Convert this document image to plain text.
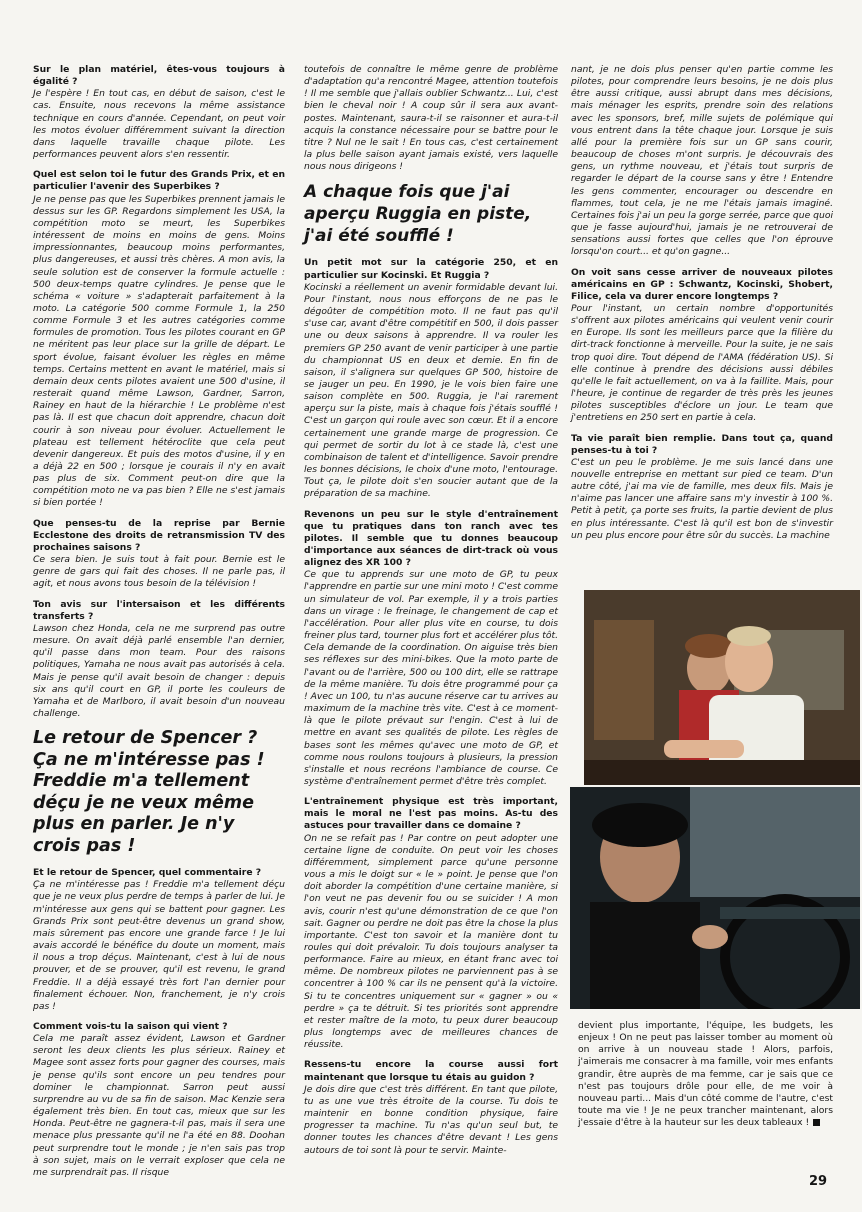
Sur le plan matériel, êtes-vous toujours à égalité ?

Je l'espère ! En tout cas, en début de saison, c'est le cas. Ensuite, nous recevons la même assistance technique en cours d'année. Cependant, on peut voir les motos évoluer différemment suivant la direction dans laquelle travaille chaque pilote. Les performances peuvent alors s'en ressentir.

Quel est selon toi le futur des Grands Prix, et en particulier l'avenir des Superbikes ?

Je ne pense pas que les Superbikes prennent jamais le dessus sur les GP. Regardons simplement les USA, la compétition moto se meurt, les Superbikes intéressent de moins en moins de gens. Moins impressionnantes, beaucoup moins performantes, plus dangereuses, et aussi très chères. A mon avis, la seule solution est de conserver la formule actuelle : 500 deux-temps quatre cylindres. Je pense que le schéma « voiture » s'adapterait parfaitement à la moto. La catégorie 500 comme Formule 1, la 250 comme Formule 3 et les autres catégories comme formules de promotion. Tous les pilotes courant en GP ne méritent pas leur place sur la grille de départ. Le sport évolue, faisant évoluer les règles en même temps. Certains mettent en avant le matériel, mais si demain deux cents pilotes avaient une 500 d'usine, il resterait quand même Lawson, Gardner, Sarron, Rainey en haut de la hiérarchie ! Le problème n'est pas là. Il est que chacun doit apprendre, chacun doit courir à son niveau pour évoluer. Actuellement le plateau est tellement hétéroclite que cela peut devenir dangereux. Et puis des motos d'usine, il y en a déjà 22 en 500 ; lorsque je courais il n'y en avait pas plus de six. Comment peut-on dire que la compétition moto ne va pas bien ? Elle ne s'est jamais si bien portée !

Que penses-tu de la reprise par Bernie Ecclestone des droits de retransmission TV des prochaines saisons ?

Ce sera bien. Je suis tout à fait pour. Bernie est le genre de gars qui fait des choses. Il ne parle pas, il agit, et nous avons tous besoin de la télévision !

Ton avis sur l'intersaison et les différents transferts ?

Lawson chez Honda, cela ne me surprend pas outre mesure. On avait déjà parlé ensemble l'an dernier, qu'il passe dans mon team. Pour des raisons politiques, Yamaha ne nous avait pas autorisés à cela. Mais je pense qu'il avait besoin de changer : depuis six ans qu'il court en GP, il porte les couleurs de Yamaha et de Marlboro, il avait besoin d'un nouveau challenge.

Le retour de Spencer ? Ça ne m'intéresse pas ! Freddie m'a tellement déçu je ne veux même plus en parler. Je n'y crois pas !

Et le retour de Spencer, quel commentaire ?

Ça ne m'intéresse pas ! Freddie m'a tellement déçu que je ne veux plus perdre de temps à parler de lui. Je m'intéresse aux gens qui se battent pour gagner. Les Grands Prix sont peut-être devenus un grand show, mais sûrement pas encore une grande farce ! Je lui avais accordé le bénéfice du doute un moment, mais il nous a trop déçus. Maintenant, c'est à lui de nous prouver, et de se prouver, qu'il est revenu, le grand Freddie. Il a déjà essayé très fort l'an dernier pour finalement échouer. Non, franchement, je n'y crois pas !

Comment vois-tu la saison qui vient ?

Cela me paraît assez évident, Lawson et Gardner seront les deux clients les plus sérieux. Rainey et Magee sont assez forts pour gagner des courses, mais je pense qu'ils sont encore un peu tendres pour dominer le championnat. Sarron peut aussi surprendre au vu de sa fin de saison. Mac Kenzie sera également très bien. En tout cas, mieux que sur les Honda. Peut-être ne gagnera-t-il pas, mais il sera une menace plus pressante qu'il ne l'a été en 88. Doohan peut surprendre tout le monde ; je n'en sais pas trop à son sujet, mais on le verrait exploser que cela ne me surprendrait pas. Il risque

toutefois de connaître le même genre de problème d'adaptation qu'a rencontré Magee, attention toutefois ! Il me semble que j'allais oublier Schwantz... Lui, c'est bien le cheval noir ! A coup sûr il sera aux avant-postes. Maintenant, saura-t-il se raisonner et aura-t-il acquis la constance nécessaire pour se battre pour le titre ? Nul ne le sait ! En tous cas, c'est certainement la plus belle saison ayant jamais existé, vers laquelle nous nous dirigeons !

A chaque fois que j'ai aperçu Ruggia en piste, j'ai été soufflé !

Un petit mot sur la catégorie 250, et en particulier sur Kocinski. Et Ruggia ?

Kocinski a réellement un avenir formidable devant lui. Pour l'instant, nous nous efforçons de ne pas le dégoûter de compétition moto. Il ne faut pas qu'il s'use car, avant d'être compétitif en 500, il dois passer une ou deux saisons à apprendre. Il va rouler les premiers GP 250 avant de venir participer à une partie du championnat US en deux et demie. En fin de saison, il s'alignera sur quelques GP 500, histoire de se jauger un peu. En 1990, je le vois bien faire une saison complète en 500. Ruggia, je l'ai rarement aperçu sur la piste, mais à chaque fois j'étais soufflé ! C'est un garçon qui roule avec son cœur. Et il a encore certainement une grande marge de progression. Ce qui permet de sortir du lot à ce stade là, c'est une combinaison de talent et d'intelligence. Savoir prendre les bonnes décisions, le choix d'une moto, l'entourage. Tout ça, le pilote doit s'en soucier autant que de la préparation de sa machine.

Revenons un peu sur le style d'entraînement que tu pratiques dans ton ranch avec tes pilotes. Il semble que tu donnes beaucoup d'importance aux séances de dirt-track où vous alignez des XR 100 ?

Ce que tu apprends sur une moto de GP, tu peux l'apprendre en partie sur une mini moto ! C'est comme un simulateur de vol. Par exemple, il y a trois parties dans un virage : le freinage, le changement de cap et l'accélération. Pour aller plus vite en course, tu dois freiner plus tard, tourner plus fort et accélérer plus tôt. Cela demande de la coordination. On aiguise très bien ses réflexes sur des mini-bikes. Que la moto parte de l'avant ou de l'arrière, 500 ou 100 dirt, elle se rattrape de la même manière. Tu dois être programmé pour ça ! Avec un 100, tu n'as aucune réserve car tu arrives au maximum de la machine très vite. C'est à ce moment-là que le pilote prévaut sur l'engin. C'est à lui de mettre en avant ses qualités de pilote. Les règles de bases sont les mêmes qu'avec une moto de GP, et comme nous roulons toujours à plusieurs, la pression s'installe et nous recréons l'ambiance de course. Ce système d'entraînement permet d'être très complet.

L'entraînement physique est très important, mais le moral ne l'est pas moins. As-tu des astuces pour travailler dans ce domaine ?

On ne se refait pas ! Par contre on peut adopter une certaine ligne de conduite. On peut voir les choses différemment, simplement parce qu'une personne vous a mis le doigt sur « le » point. Je pense que l'on doit aborder la compétition d'une certaine manière, si l'on veut ne pas devenir fou ou se suicider ! A mon avis, courir n'est qu'une démonstration de ce que l'on sait. Gagner ou perdre ne doit pas être la chose la plus importante. C'est ton savoir et la manière dont tu roules qui doit prévaloir. Tu dois toujours analyser ta performance. Faire au mieux, en étant franc avec toi même. De nombreux pilotes ne parviennent pas à se concentrer à 100 % car ils ne pensent qu'à la victoire. Si tu te concentres uniquement sur « gagner » ou « perdre » ça te détruit. Si tes priorités sont apprendre et rester maître de la moto, tu peux durer beaucoup plus longtemps avec de meilleures chances de réussite.

Ressens-tu encore la course aussi fort maintenant que lorsque tu étais au guidon ?

Je dois dire que c'est très différent. En tant que pilote, tu as une vue très étroite de la course. Tu dois te maintenir en bonne condition physique, faire progresser ta machine. Tu n'as qu'un seul but, te donner toutes les chances d'être devant ! Les gens autours de toi sont là pour te servir. Mainte-

nant, je ne dois plus penser qu'en partie comme les pilotes, pour comprendre leurs besoins, je ne dois plus être aussi critique, aussi abrupt dans mes décisions, mais ménager les esprits, prendre soin des relations avec les sponsors, bref, mille sujets de polémique qui vous entrent dans la tête chaque jour. Lorsque je suis allé pour la première fois sur un GP sans courir, beaucoup de choses m'ont surpris. Je découvrais des gens, un rythme nouveau, et j'étais tout surpris de regarder le départ de la course sans y être ! Entendre les gens commenter, encourager ou descendre en flammes, tout cela, je ne me l'étais jamais imaginé. Certaines fois j'ai un peu la gorge serrée, parce que quoi que je fasse aujourd'hui, jamais je ne retrouverai de sensations aussi fortes que celles que l'on éprouve lorsqu'on court... et qu'on gagne...

On voit sans cesse arriver de nouveaux pilotes américains en GP : Schwantz, Kocinski, Shobert, Filice, cela va durer encore longtemps ?

Pour l'instant, un certain nombre d'opportunités s'offrent aux pilotes américains qui veulent venir courir en Europe. Ils sont les meilleurs parce que la filière du dirt-track fonctionne à merveille. Pour la suite, je ne sais trop quoi dire. Tout dépend de l'AMA (fédération US). Si elle continue à prendre des décisions aussi débiles qu'elle le fait actuellement, on va à la faillite. Mais, pour l'heure, je continue de regarder de très près les jeunes pilotes susceptibles d'éclore un jour. Le team que j'entretiens en 250 sert en partie à cela.

Ta vie paraît bien remplie. Dans tout ça, quand penses-tu à toi ?

C'est un peu le problème. Je me suis lancé dans une nouvelle entreprise en mettant sur pied ce team. D'un autre côté, j'ai ma vie de famille, mes deux fils. Mais je n'aime pas lancer une affaire sans m'y investir à 100 %. Petit à petit, ça porte ses fruits, la partie devient de plus en plus intéressante. C'est là qu'il est bon de s'investir un peu plus encore pour être sûr du succès. La machine

devient plus importante, l'équipe, les budgets, les enjeux ! On ne peut pas laisser tomber au moment où on arrive à un nouveau stade ! Alors, parfois, j'aimerais me consacrer à ma famille, voir mes enfants grandir, être auprès de ma femme, car je sais que ce n'est pas toujours drôle pour elle, de me voir à nouveau parti... Mais d'un côté comme de l'autre, c'est toute ma vie ! Je ne peux trancher maintenant, alors j'essaie d'être à la hauteur sur les deux tableaux !
29
